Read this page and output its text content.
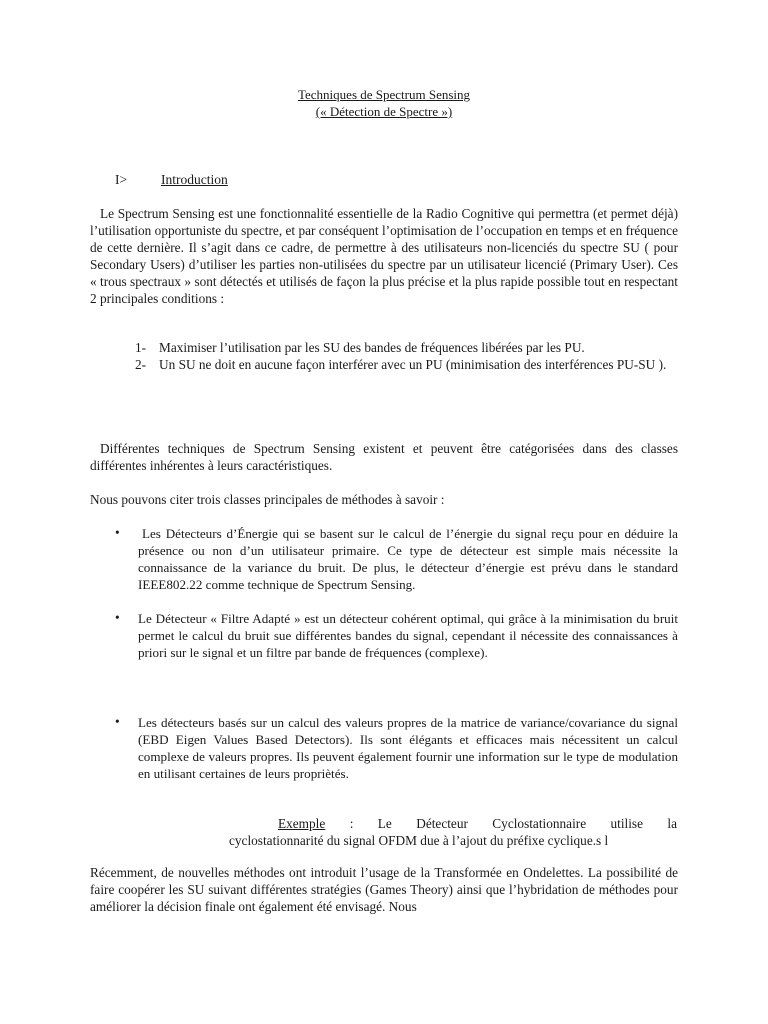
Techniques de Spectrum Sensing
(« Détection de Spectre »)
I>	Introduction
Le Spectrum Sensing est une fonctionnalité essentielle de la Radio Cognitive qui permettra (et permet déjà) l’utilisation opportuniste du spectre, et par conséquent l’optimisation de l’occupation en temps et en fréquence de cette dernière. Il s’agit dans ce cadre, de permettre à des utilisateurs non-licenciés du spectre SU ( pour Secondary Users) d’utiliser les parties non-utilisées du spectre par un utilisateur licencié (Primary User). Ces « trous spectraux » sont détectés et utilisés de façon la plus précise et la plus rapide possible tout en respectant 2 principales conditions :
1- Maximiser l’utilisation par les SU des bandes de fréquences libérées par les PU.
2- Un SU ne doit en aucune façon interférer avec un PU (minimisation des interférences PU-SU ).
Différentes techniques de Spectrum Sensing existent et peuvent être catégorisées dans des classes différentes inhérentes à leurs caractéristiques.
Nous pouvons citer trois classes principales de méthodes à savoir :
•	Les Détecteurs d’Énergie qui se basent sur le calcul de l’énergie du signal reçu pour en déduire la présence ou non d’un utilisateur primaire. Ce type de détecteur est simple mais nécessite la connaissance de la variance du bruit. De plus, le détecteur d’énergie est prévu dans le standard IEEE802.22 comme technique de Spectrum Sensing.
• Le Détecteur « Filtre Adapté » est un détecteur cohérent optimal, qui grâce à la minimisation du bruit permet le calcul du bruit sue différentes bandes du signal, cependant il nécessite des connaissances à priori sur le signal et un filtre par bande de fréquences (complexe).
• Les détecteurs basés sur un calcul des valeurs propres de la matrice de variance/covariance du signal (EBD Eigen Values Based Detectors). Ils sont élégants et efficaces mais nécessitent un calcul complexe de valeurs propres. Ils peuvent également fournir une information sur le type de modulation en utilisant certaines de leurs propriètés.
Exemple : Le Détecteur Cyclostationnaire utilise la
cyclostationnarité du signal OFDM due à l’ajout du préfixe cyclique.s l
Récemment, de nouvelles méthodes ont introduit l’usage de la Transformée en Ondelettes. La possibilité de faire coopérer les SU suivant différentes stratégies (Games Theory) ainsi que l’hybridation de méthodes pour améliorer la décision finale ont également été envisagé. Nous
